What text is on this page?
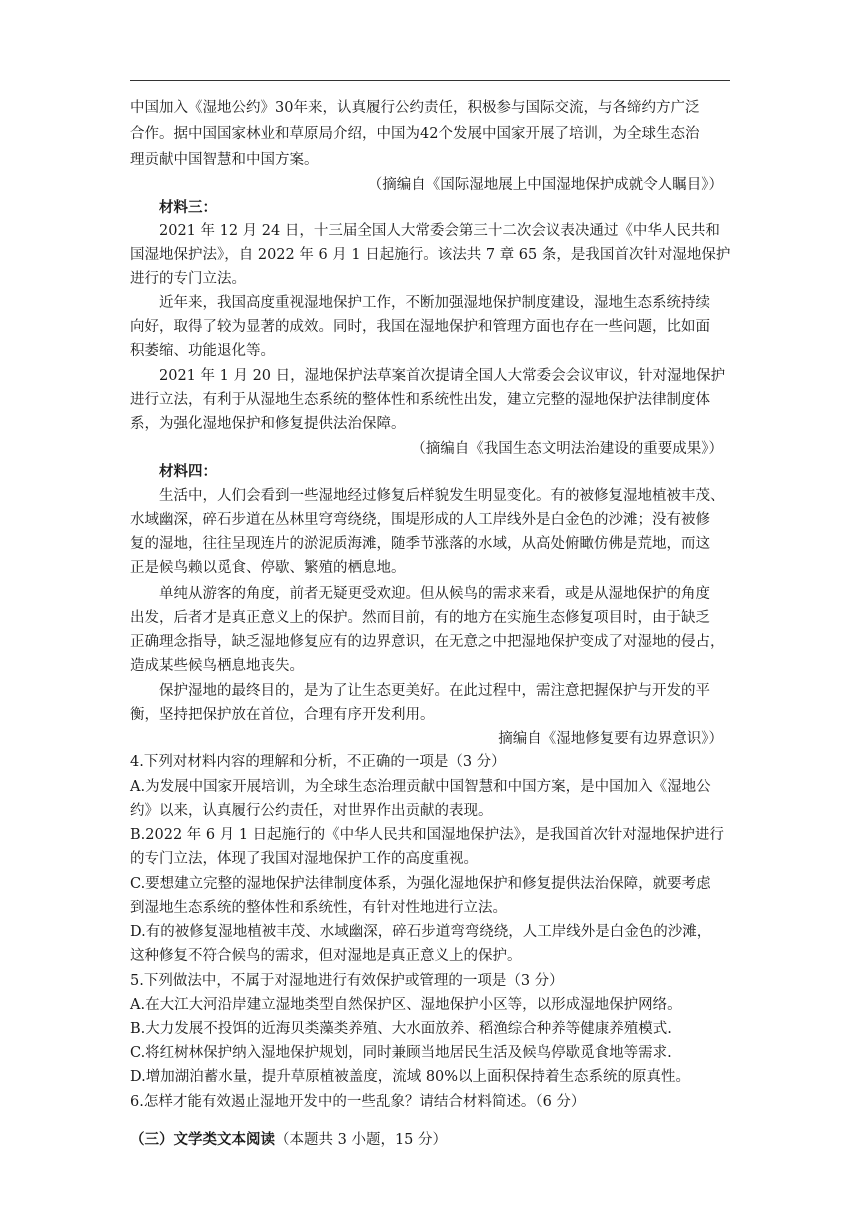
中国加入《湿地公约》30年来，认真履行公约责任，积极参与国际交流，与各缔约方广泛
合作。据中国国家林业和草原局介绍，中国为42个发展中国家开展了培训，为全球生态治
理贡献中国智慧和中国方案。
（摘编自《国际湿地展上中国湿地保护成就令人瞩目》）
材料三：
2021 年 12 月 24 日，十三届全国人大常委会第三十二次会议表决通过《中华人民共和
国湿地保护法》，自 2022 年 6 月 1 日起施行。该法共 7 章 65 条，是我国首次针对湿地保护
进行的专门立法。
近年来，我国高度重视湿地保护工作，不断加强湿地保护制度建设，湿地生态系统持续
向好，取得了较为显著的成效。同时，我国在湿地保护和管理方面也存在一些问题，比如面
积萎缩、功能退化等。
2021 年 1 月 20 日，湿地保护法草案首次提请全国人大常委会会议审议，针对湿地保护
进行立法，有利于从湿地生态系统的整体性和系统性出发，建立完整的湿地保护法律制度体
系，为强化湿地保护和修复提供法治保障。
（摘编自《我国生态文明法治建设的重要成果》）
材料四：
生活中，人们会看到一些湿地经过修复后样貌发生明显变化。有的被修复湿地植被丰茂、
水域幽深，碎石步道在丛林里穹弯绕绕，围堤形成的人工岸线外是白金色的沙滩；没有被修
复的湿地，往往呈现连片的淤泥质海滩，随季节涨落的水域，从高处俯瞰仿佛是荒地，而这
正是候鸟赖以觅食、停歇、繁殖的栖息地。
单纯从游客的角度，前者无疑更受欢迎。但从候鸟的需求来看，或是从湿地保护的角度
出发，后者才是真正意义上的保护。然而目前，有的地方在实施生态修复项目时，由于缺乏
正确理念指导，缺乏湿地修复应有的边界意识，在无意之中把湿地保护变成了对湿地的侵占，
造成某些候鸟栖息地丧失。
保护湿地的最终目的，是为了让生态更美好。在此过程中，需注意把握保护与开发的平
衡，坚持把保护放在首位，合理有序开发利用。
摘编自《湿地修复要有边界意识》）
4.下列对材料内容的理解和分析，不正确的一项是（3 分）
A.为发展中国家开展培训，为全球生态治理贡献中国智慧和中国方案，是中国加入《湿地公
约》以来，认真履行公约责任，对世界作出贡献的表现。
B.2022 年 6 月 1 日起施行的《中华人民共和国湿地保护法》，是我国首次针对湿地保护进行
的专门立法，体现了我国对湿地保护工作的高度重视。
C.要想建立完整的湿地保护法律制度体系，为强化湿地保护和修复提供法治保障，就要考虑
到湿地生态系统的整体性和系统性，有针对性地进行立法。
D.有的被修复湿地植被丰茂、水域幽深，碎石步道弯弯绕绕，人工岸线外是白金色的沙滩，
这种修复不符合候鸟的需求，但对湿地是真正意义上的保护。
5.下列做法中，不属于对湿地进行有效保护或管理的一项是（3 分）
A.在大江大河沿岸建立湿地类型自然保护区、湿地保护小区等，以形成湿地保护网络。
B.大力发展不投饵的近海贝类藻类养殖、大水面放养、稻渔综合种养等健康养殖模式.
C.将红树林保护纳入湿地保护规划，同时兼顾当地居民生活及候鸟停歇觅食地等需求.
D.增加湖泊蓄水量，提升草原植被盖度，流域 80%以上面积保持着生态系统的原真性。
6.怎样才能有效遏止湿地开发中的一些乱象？请结合材料简述。（6 分）
（三）文学类文本阅读（本题共 3 小题，15 分）
